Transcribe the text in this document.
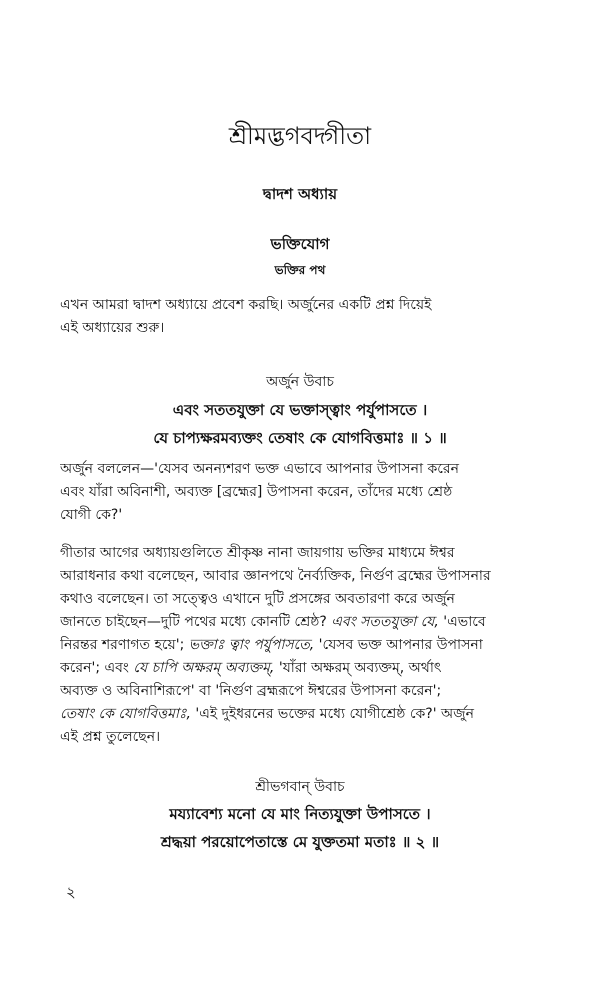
শ্রীমদ্ভগবদ্গীতা
দ্বাদশ অধ্যায়
ভক্তিযোগ
ভক্তির পথ
এখন আমরা দ্বাদশ অধ্যায়ে প্রবেশ করছি। অর্জুনের একটি প্রশ্ন দিয়েই
এই অধ্যায়ের শুরু।
অর্জুন উবাচ
এবং সততযুক্তা যে ভক্তাস্ত্বাং পর্যুপাসতে ।
যে চাপ্যক্ষরমব্যক্তং তেষাং কে যোগবিত্তমাঃ ॥ ১ ॥
অর্জুন বললেন—'যেসব অনন্যশরণ ভক্ত এভাবে আপনার উপাসনা করেন
এবং যাঁরা অবিনাশী, অব্যক্ত [ব্রহ্মের] উপাসনা করেন, তাঁদের মধ্যে শ্রেষ্ঠ
যোগী কে?'
গীতার আগের অধ্যায়গুলিতে শ্রীকৃষ্ণ নানা জায়গায় ভক্তির মাধ্যমে ঈশ্বর
আরাধনার কথা বলেছেন, আবার জ্ঞানপথে নৈর্ব্যক্তিক, নির্গুণ ব্রহ্মের উপাসনার
কথাও বলেছেন। তা সত্ত্বেও এখানে দুটি প্রসঙ্গের অবতারণা করে অর্জুন
জানতে চাইছেন—দুটি পথের মধ্যে কোনটি শ্রেষ্ঠ? এবং সততযুক্তা যে, 'এভাবে
নিরন্তর শরণাগত হয়ে'; ভক্তাঃ ত্বাং পর্যুপাসতে, 'যেসব ভক্ত আপনার উপাসনা
করেন'; এবং যে চাপি অক্ষরম্ অব্যক্তম্, 'যাঁরা অক্ষরম্ অব্যক্তম্, অর্থাৎ
অব্যক্ত ও অবিনাশিরূপে' বা 'নির্গুণ ব্রহ্মরূপে ঈশ্বরের উপাসনা করেন';
তেষাং কে যোগবিত্তমাঃ, 'এই দুইধরনের ভক্তের মধ্যে যোগীশ্রেষ্ঠ কে?' অর্জুন
এই প্রশ্ন তুলেছেন।
শ্রীভগবান্ উবাচ
ময্যাবেশ্য মনো যে মাং নিত্যযুক্তা উপাসতে ।
শ্রদ্ধয়া পরয়োপেতাস্তে মে যুক্ততমা মতাঃ ॥ ২ ॥
২
